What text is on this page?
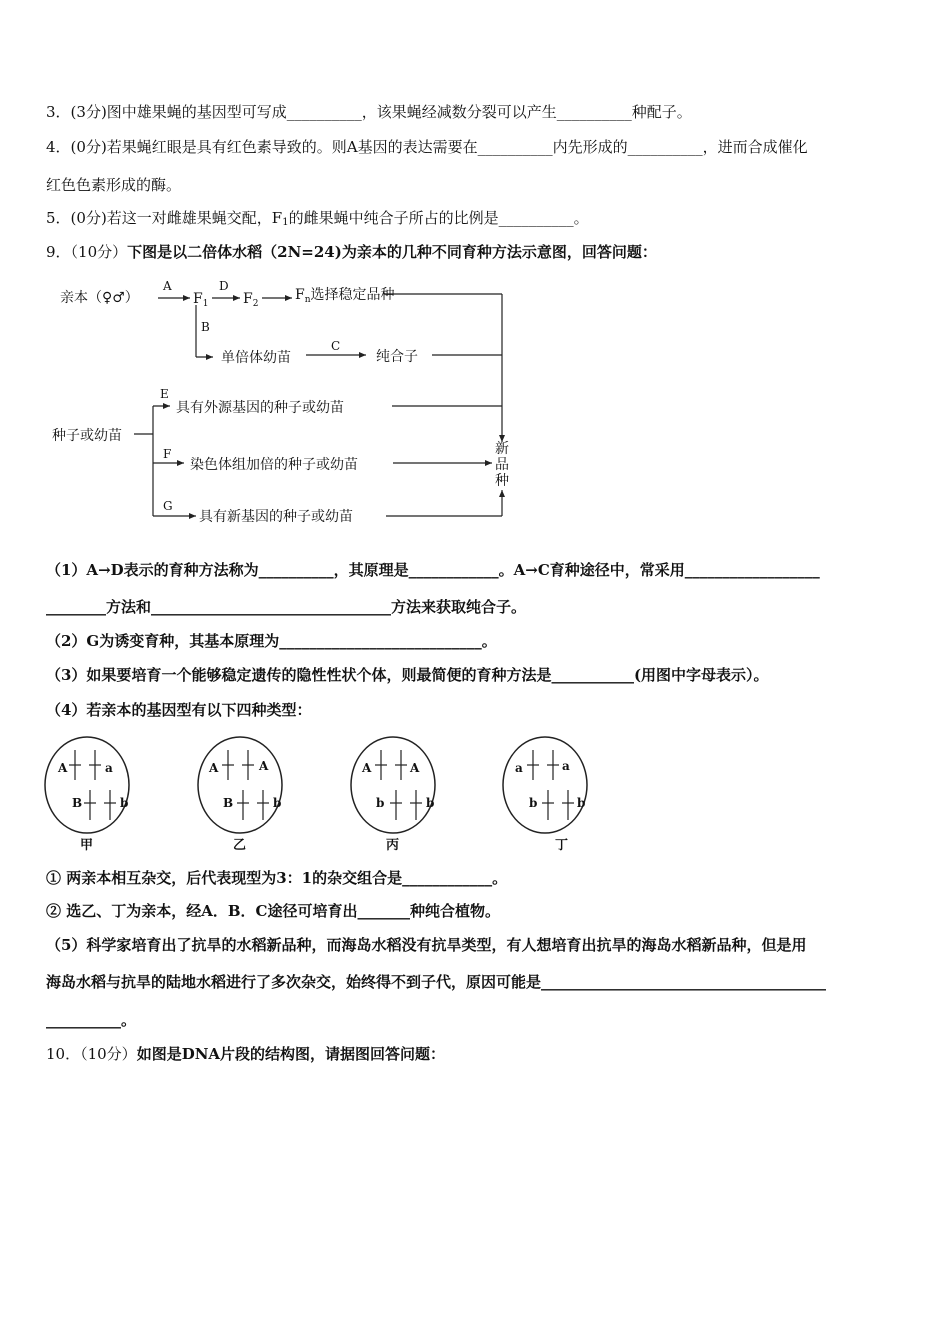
3．(3分)图中雄果蝇的基因型可写成__________，该果蝇经减数分裂可以产生__________种配子。
4．(0分)若果蝇红眼是具有红色素导致的。则A基因的表达需要在__________内先形成的__________，进而合成催化
红色色素形成的酶。
5．(0分)若这一对雌雄果蝇交配，$F_1$的雌果蝇中纯合子所占的比例是__________。
9．（10分）下图是以二倍体水稻（2N=24)为亲本的几种不同育种方法示意图，回答问题：
亲本（♀♂）
A	D
$F_1$ $F_2$
$F_n$选择稳定品种
B
单倍体幼苗
C
纯合子
种子或幼苗
E
具有外源基因的种子或幼苗
F
染色体组加倍的种子或幼苗
G
具有新基因的种子或幼苗
新
品
种
（1）A→D表示的育种方法称为__________，其原理是____________。A→C育种途径中，常采用__________________
________方法和________________________________方法来获取纯合子。
（2）G为诱变育种，其基本原理为___________________________。
（3）如果要培育一个能够稳定遗传的隐性性状个体，则最简便的育种方法是___________(用图中字母表示）。
（4）若亲本的基因型有以下四种类型：
A	a
B	b
甲
A	A
B	b
乙
A	A
b	b
丙
a	a
b	b
丁
① 两亲本相互杂交，后代表现型为3：1的杂交组合是____________。
② 选乙、丁为亲本，经A．B．C途径可培育出_______种纯合植物。
（5）科学家培育出了抗旱的水稻新品种，而海岛水稻没有抗旱类型，有人想培育出抗旱的海岛水稻新品种，但是用
海岛水稻与抗旱的陆地水稻进行了多次杂交，始终得不到子代，原因可能是______________________________________
__________。
10．（10分）如图是DNA片段的结构图，请据图回答问题：
